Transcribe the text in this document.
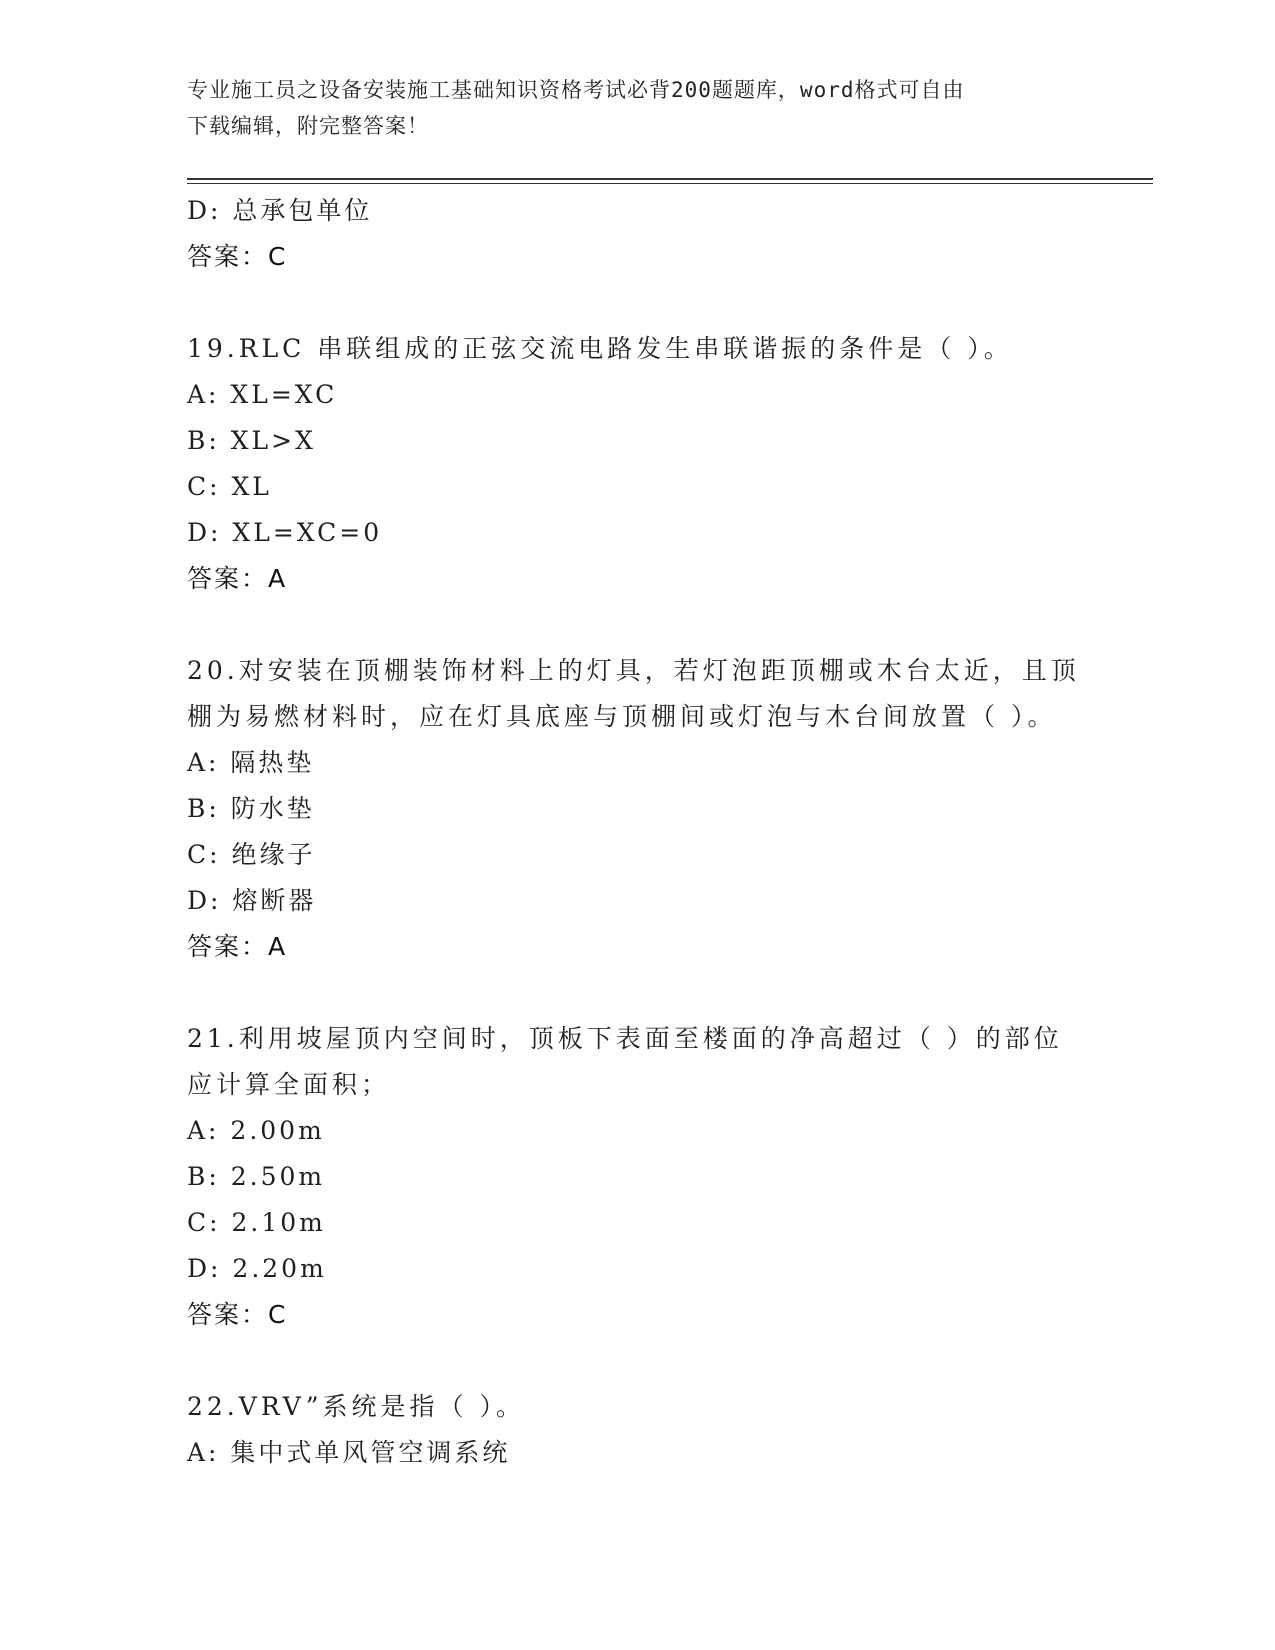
专业施工员之设备安装施工基础知识资格考试必背200题题库，word格式可自由
下载编辑，附完整答案！
D: 总承包单位
答案：C
19.RLC 串联组成的正弦交流电路发生串联谐振的条件是（ ）。
A: XL=XC
B: XL>X
C: XL
D: XL=XC=0
答案：A
20.对安装在顶棚装饰材料上的灯具，若灯泡距顶棚或木台太近，且顶
棚为易燃材料时，应在灯具底座与顶棚间或灯泡与木台间放置（ ）。
A: 隔热垫
B: 防水垫
C: 绝缘子
D: 熔断器
答案：A
21.利用坡屋顶内空间时，顶板下表面至楼面的净高超过（ ）的部位
应计算全面积；
A: 2.00m
B: 2.50m
C: 2.10m
D: 2.20m
答案：C
22.VRV”系统是指（ ）。
A: 集中式单风管空调系统
